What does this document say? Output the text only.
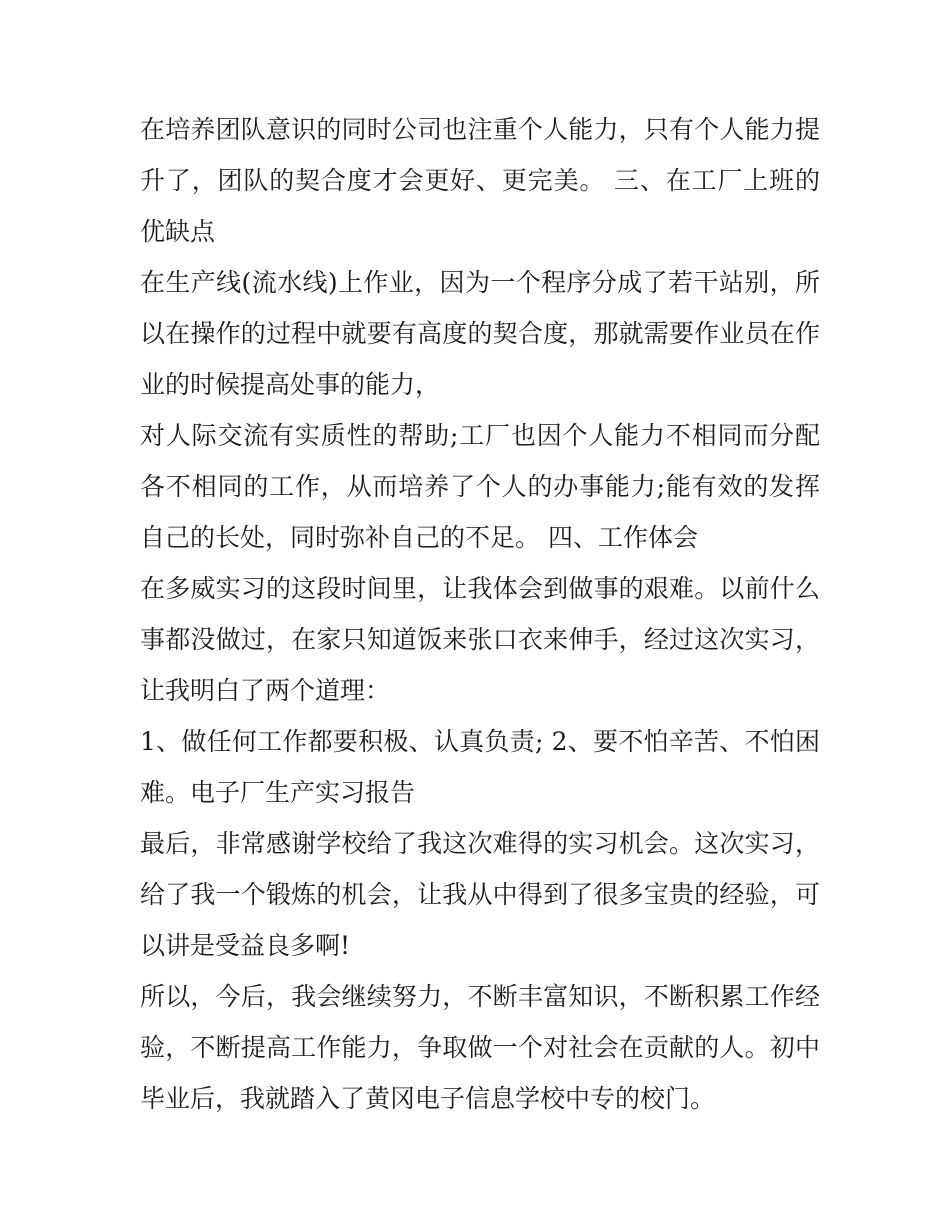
在培养团队意识的同时公司也注重个人能力，只有个人能力提升了，团队的契合度才会更好、更完美。 三、在工厂上班的优缺点

在生产线(流水线)上作业，因为一个程序分成了若干站别，所以在操作的过程中就要有高度的契合度，那就需要作业员在作业的时候提高处事的能力，

对人际交流有实质性的帮助;工厂也因个人能力不相同而分配各不相同的工作，从而培养了个人的办事能力;能有效的发挥自己的长处，同时弥补自己的不足。 四、工作体会

在多威实习的这段时间里，让我体会到做事的艰难。以前什么事都没做过，在家只知道饭来张口衣来伸手，经过这次实习，让我明白了两个道理：

1、做任何工作都要积极、认真负责; 2、要不怕辛苦、不怕困难。电子厂生产实习报告

最后，非常感谢学校给了我这次难得的实习机会。这次实习，给了我一个锻炼的机会，让我从中得到了很多宝贵的经验，可以讲是受益良多啊!

所以，今后，我会继续努力，不断丰富知识，不断积累工作经验，不断提高工作能力，争取做一个对社会在贡献的人。初中毕业后，我就踏入了黄冈电子信息学校中专的校门。
